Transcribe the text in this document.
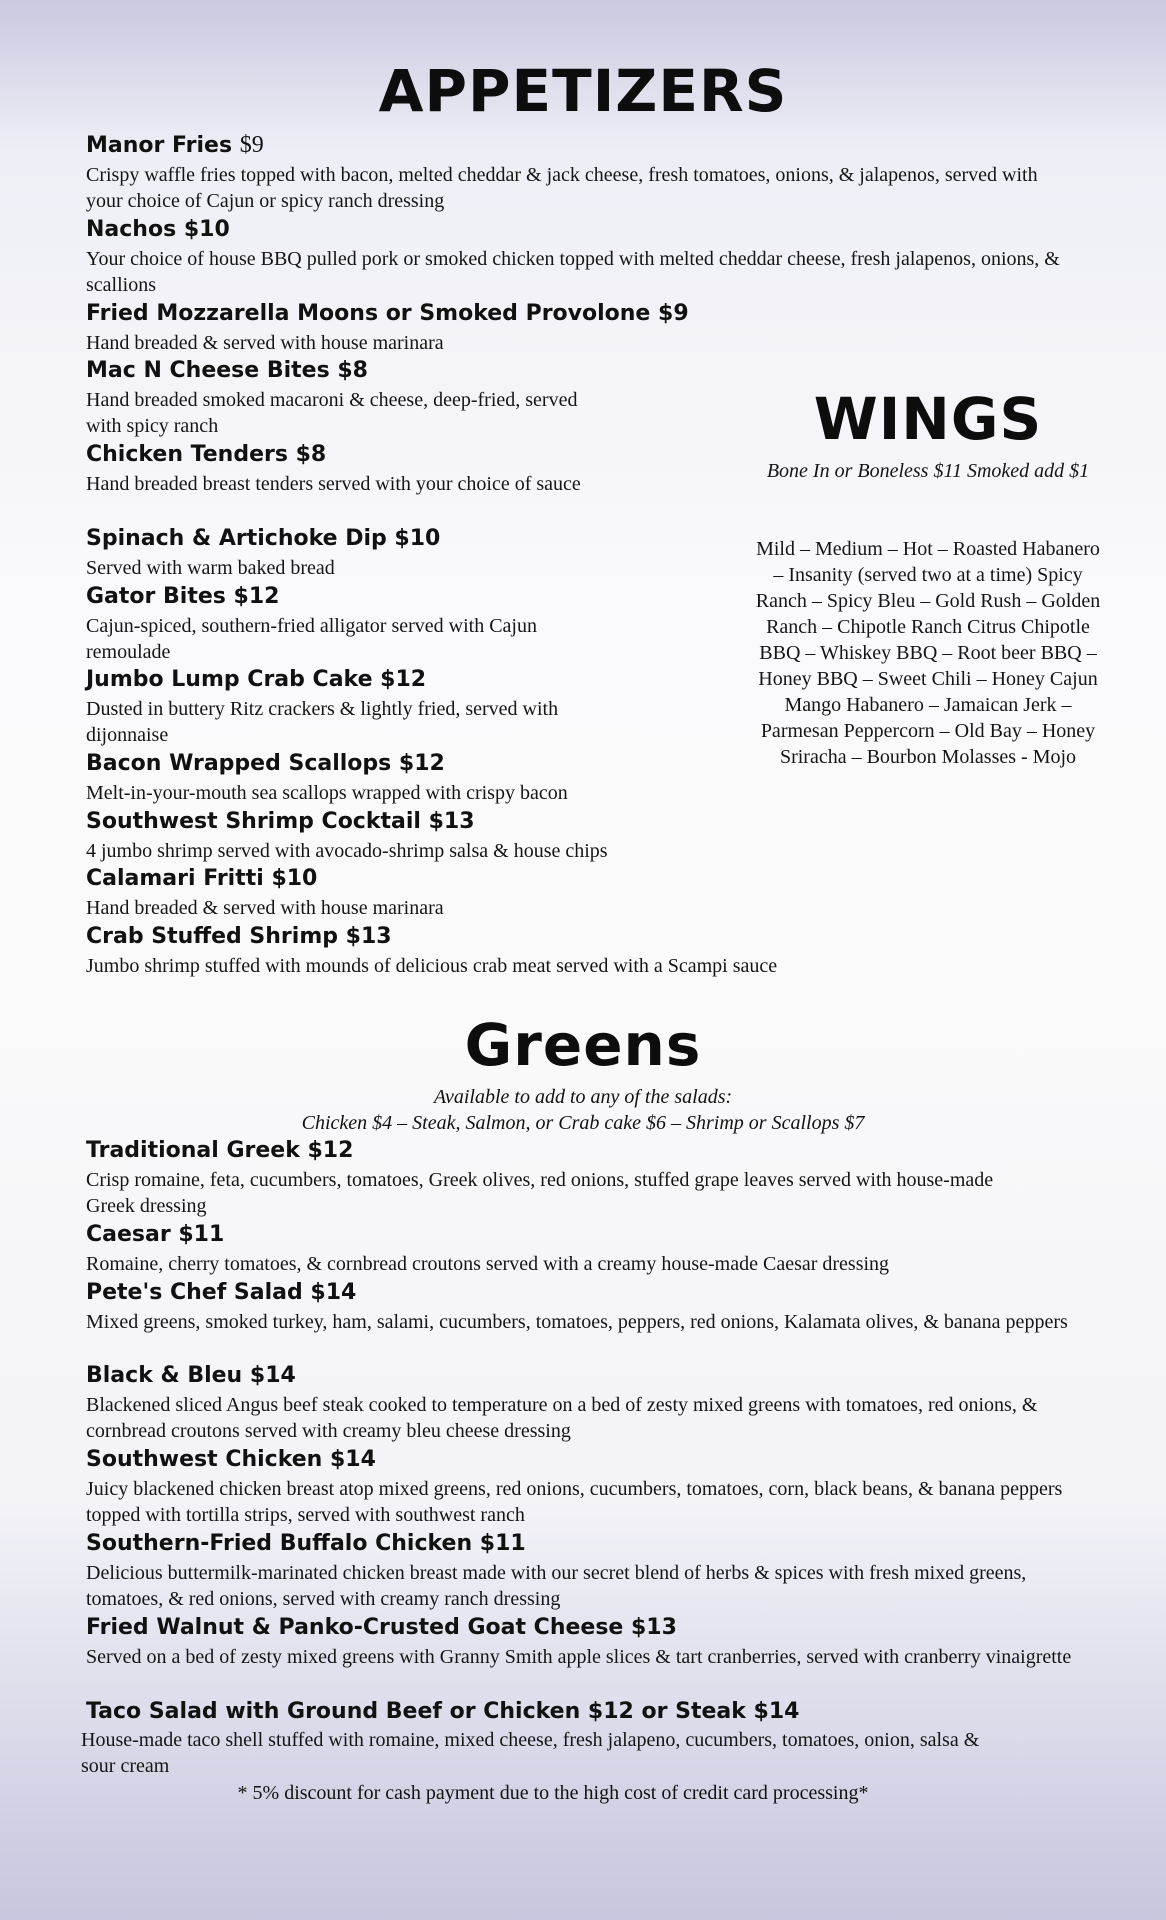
APPETIZERS
Manor Fries $9
Crispy waffle fries topped with bacon, melted cheddar & jack cheese, fresh tomatoes, onions, & jalapenos, served with your choice of Cajun or spicy ranch dressing
Nachos $10
Your choice of house BBQ pulled pork or smoked chicken topped with melted cheddar cheese, fresh jalapenos, onions, & scallions
Fried Mozzarella Moons or Smoked Provolone $9
Hand breaded & served with house marinara
Mac N Cheese Bites $8
Hand breaded smoked macaroni & cheese, deep-fried, served with spicy ranch
Chicken Tenders $8
Hand breaded breast tenders served with your choice of sauce
Spinach & Artichoke Dip $10
Served with warm baked bread
Gator Bites $12
Cajun-spiced, southern-fried alligator served with Cajun remoulade
Jumbo Lump Crab Cake $12
Dusted in buttery Ritz crackers & lightly fried, served with dijonnaise
Bacon Wrapped Scallops $12
Melt-in-your-mouth sea scallops wrapped with crispy bacon
Southwest Shrimp Cocktail $13
4 jumbo shrimp served with avocado-shrimp salsa & house chips
Calamari Fritti $10
Hand breaded & served with house marinara
Crab Stuffed Shrimp $13
Jumbo shrimp stuffed with mounds of delicious crab meat served with a Scampi sauce
WINGS
Bone In or Boneless $11 Smoked add $1
Mild – Medium – Hot – Roasted Habanero – Insanity (served two at a time) Spicy Ranch – Spicy Bleu – Gold Rush – Golden Ranch – Chipotle Ranch Citrus Chipotle BBQ – Whiskey BBQ – Root beer BBQ – Honey BBQ – Sweet Chili – Honey Cajun Mango Habanero – Jamaican Jerk – Parmesan Peppercorn – Old Bay – Honey Sriracha – Bourbon Molasses - Mojo
Greens
Available to add to any of the salads:
Chicken $4 – Steak, Salmon, or Crab cake $6 – Shrimp or Scallops $7
Traditional Greek $12
Crisp romaine, feta, cucumbers, tomatoes, Greek olives, red onions, stuffed grape leaves served with house-made Greek dressing
Caesar $11
Romaine, cherry tomatoes, & cornbread croutons served with a creamy house-made Caesar dressing
Pete's Chef Salad $14
Mixed greens, smoked turkey, ham, salami, cucumbers, tomatoes, peppers, red onions, Kalamata olives, & banana peppers
Black & Bleu $14
Blackened sliced Angus beef steak cooked to temperature on a bed of zesty mixed greens with tomatoes, red onions, & cornbread croutons served with creamy bleu cheese dressing
Southwest Chicken $14
Juicy blackened chicken breast atop mixed greens, red onions, cucumbers, tomatoes, corn, black beans, & banana peppers topped with tortilla strips, served with southwest ranch
Southern-Fried Buffalo Chicken $11
Delicious buttermilk-marinated chicken breast made with our secret blend of herbs & spices with fresh mixed greens, tomatoes, & red onions, served with creamy ranch dressing
Fried Walnut & Panko-Crusted Goat Cheese $13
Served on a bed of zesty mixed greens with Granny Smith apple slices & tart cranberries, served with cranberry vinaigrette
Taco Salad with Ground Beef or Chicken $12 or Steak $14
House-made taco shell stuffed with romaine, mixed cheese, fresh jalapeno, cucumbers, tomatoes, onion, salsa & sour cream
* 5% discount for cash payment due to the high cost of credit card processing*
